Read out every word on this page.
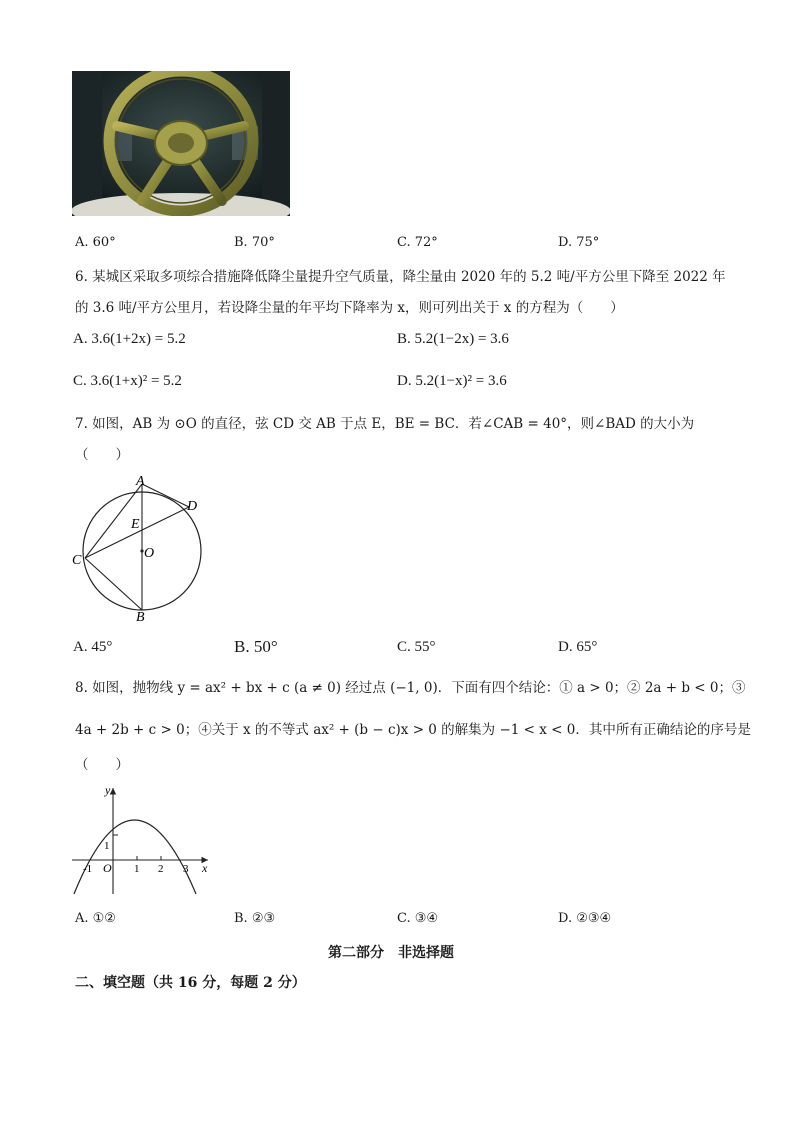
A. 60°	B. 70°	C. 72°	D. 75°
6. 某城区采取多项综合措施降低降尘量提升空气质量，降尘量由 2020 年的 5.2 吨/平方公里下降至 2022 年
的 3.6 吨/平方公里月，若设降尘量的年平均下降率为 x，则可列出关于 x 的方程为（　　）
A. 3.6(1+2x) = 5.2	B. 5.2(1−2x) = 3.6
C. 3.6(1+x)² = 5.2	D. 5.2(1−x)² = 3.6
7. 如图，AB 为 ⊙O 的直径，弦 CD 交 AB 于点 E，BE = BC．若∠CAB = 40°，则∠BAD 的大小为
（　　）
A
D
E
O
C
B
A. 45°	B. 50°	C. 55°	D. 65°
8. 如图，抛物线 y = ax² + bx + c (a ≠ 0) 经过点 (−1, 0)．下面有四个结论：① a > 0；② 2a + b < 0；③
4a + 2b + c > 0；④关于 x 的不等式 ax² + (b − c)x > 0 的解集为 −1 < x < 0．其中所有正确结论的序号是
（　　）
y
x
O
-1	1 2 3
1
A. ①②	B. ②③	C. ③④	D. ②③④
第二部分　非选择题
二、填空题（共 16 分，每题 2 分）
